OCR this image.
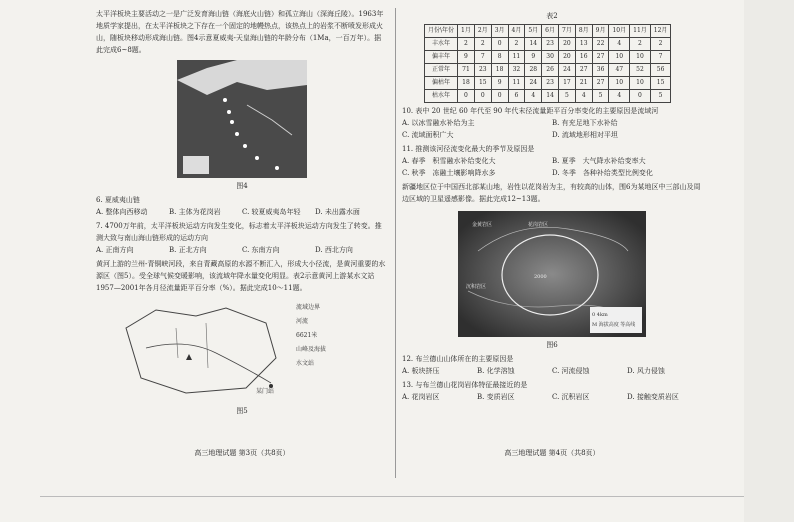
太平洋板块主要活动之一是广泛发育海山链（海底火山链）和孤立海山（深海丘陵）。1963年地质学家提出，在太平洋板块之下存在一个固定的地幔热点，该热点上的岩浆不断喷发形成火山，随板块移动形成海山链。图4示意夏威夷-天皇海山链的年龄分布（1Ma，一百万年）。据此完成6~8题。

图4

6. 夏威夷山链

A. 整体向西移动	B. 主体为花岗岩	C. 较夏威夷岛年轻	D. 未出露水面

7. 4700万年前，太平洋板块运动方向发生变化，标志着太平洋板块运动方向发生了转变。推测大致与南山海山链形成的运动方向

A. 正南方向	B. 正北方向	C. 东南方向	D. 西北方向

黄河上游的兰州-青铜峡河段，来自青藏高原的水源不断汇入，形成大小径流，是黄河重要的水源区（图5）。受全球气候变暖影响，该流域年降水量变化明显。表2示意黄河上游某水文站1957—2001年各月径流量距平百分率（%）。据此完成10～11题。

流域边界
河流
6621米
山峰及海拔
水文站
某门站
图5
高三地理试题 第3页（共8页）
表2
月份\年份	1月	2月	3月	4月	5月	6月	7月	8月	9月	10月	11月	12月
丰水年	2	2	0	2	14	23	20	13	22	4	2	2
偏丰年	9	7	8	11	9	30	20	16	27	10	10	7
正常年	71	23	18	32	28	26	24	27	36	47	52	56
偏枯年	18	15	9	11	24	23	17	21	27	10	10	15
枯水年	0	0	0	6	4	14	5	4	5	4	0	5

10. 表中 20 世纪 60 年代至 90 年代末径流量距平百分率变化的主要原因是流域河

A. 以冰雪融水补给为主	B. 有充足地下水补给
C. 流域面积广大	D. 流域地形相对平坦

11. 推测该河径流变化最大的季节及原因是

A. 春季　积雪融水补给变化大	B. 夏季　大气降水补给变率大
C. 秋季　冻融土壤影响降水多	D. 冬季　各种补给类型比例变化

新疆地区位于中国西北部某山地，岩性以花岗岩为主，有较高的山体，围6为某地区中三部山及周边区域的卫星遥感影像。据此完成12~13题。

金黄岩区	花岗岩区
沉积岩区
2000
0 4km
M 海拔高度 等高线
图6

12. 布兰德山山体所在的主要原因是

A. 板块挤压	B. 化学溶蚀	C. 河流侵蚀	D. 风力侵蚀

13. 与布兰德山花岗岩体特征最接近的是

A. 花岗岩区	B. 变质岩区	C. 沉积岩区	D. 接触变质岩区
高三地理试题 第4页（共8页）
